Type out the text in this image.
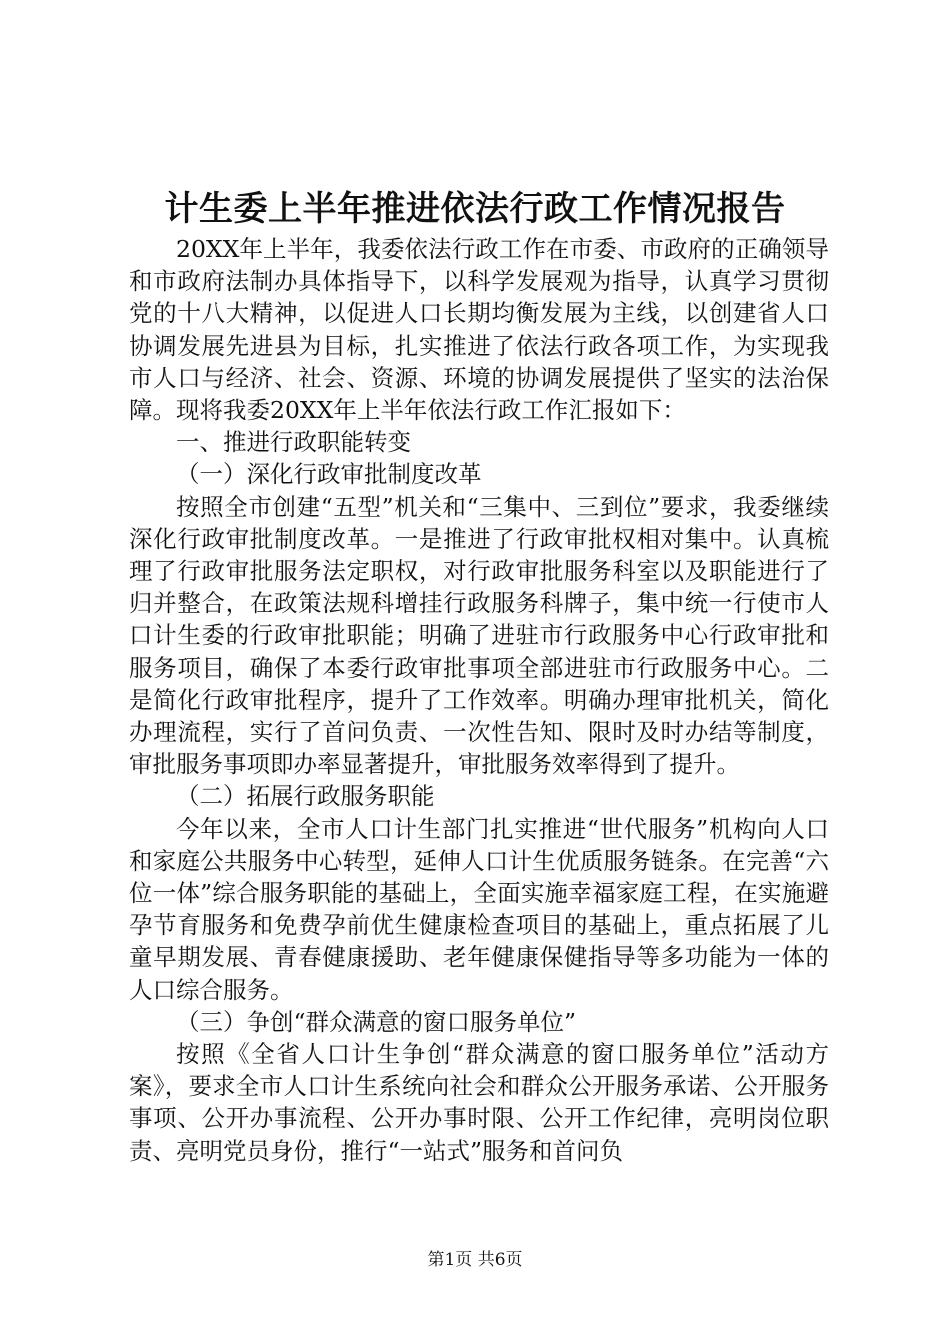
计生委上半年推进依法行政工作情况报告

20XX年上半年，我委依法行政工作在市委、市政府的正确领导和市政府法制办具体指导下，以科学发展观为指导，认真学习贯彻党的十八大精神，以促进人口长期均衡发展为主线，以创建省人口协调发展先进县为目标，扎实推进了依法行政各项工作，为实现我市人口与经济、社会、资源、环境的协调发展提供了坚实的法治保障。现将我委20XX年上半年依法行政工作汇报如下：

一、推进行政职能转变

（一）深化行政审批制度改革

按照全市创建“五型”机关和“三集中、三到位”要求，我委继续深化行政审批制度改革。一是推进了行政审批权相对集中。认真梳理了行政审批服务法定职权，对行政审批服务科室以及职能进行了归并整合，在政策法规科增挂行政服务科牌子，集中统一行使市人口计生委的行政审批职能；明确了进驻市行政服务中心行政审批和服务项目，确保了本委行政审批事项全部进驻市行政服务中心。二是简化行政审批程序，提升了工作效率。明确办理审批机关，简化办理流程，实行了首问负责、一次性告知、限时及时办结等制度，审批服务事项即办率显著提升，审批服务效率得到了提升。

（二）拓展行政服务职能

今年以来，全市人口计生部门扎实推进“世代服务”机构向人口和家庭公共服务中心转型，延伸人口计生优质服务链条。在完善“六位一体”综合服务职能的基础上，全面实施幸福家庭工程，在实施避孕节育服务和免费孕前优生健康检查项目的基础上，重点拓展了儿童早期发展、青春健康援助、老年健康保健指导等多功能为一体的人口综合服务。

（三）争创“群众满意的窗口服务单位”

按照《全省人口计生争创“群众满意的窗口服务单位”活动方案》，要求全市人口计生系统向社会和群众公开服务承诺、公开服务事项、公开办事流程、公开办事时限、公开工作纪律，亮明岗位职责、亮明党员身份，推行“一站式”服务和首问负

第1页 共6页
